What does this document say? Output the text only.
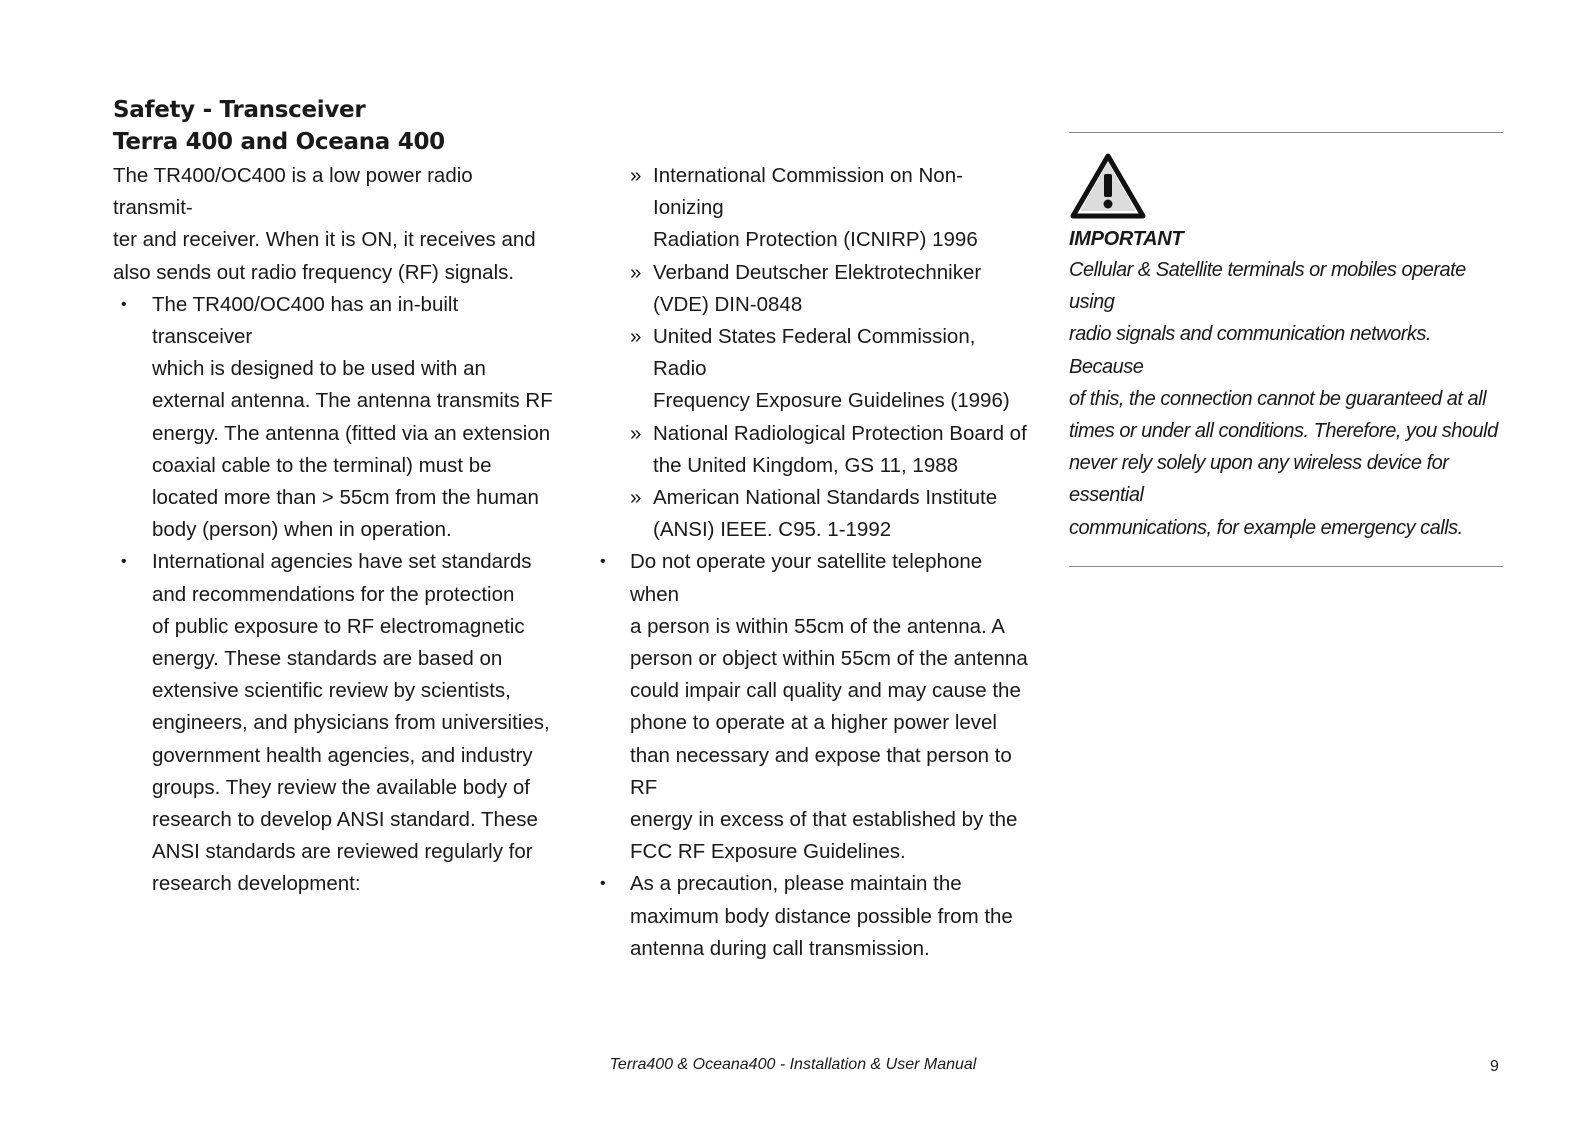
Safety - Transceiver
Terra 400 and Oceana 400

The TR400/OC400 is a low power radio transmit-
ter and receiver. When it is ON, it receives and
also sends out radio frequency (RF) signals.

• The TR400/OC400 has an in-built transceiver
which is designed to be used with an
external antenna. The antenna transmits RF
energy. The antenna (fitted via an extension
coaxial cable to the terminal) must be
located more than > 55cm from the human
body (person) when in operation.
• International agencies have set standards
and recommendations for the protection
of public exposure to RF electromagnetic
energy. These standards are based on
extensive scientific review by scientists,
engineers, and physicians from universities,
government health agencies, and industry
groups. They review the available body of
research to develop ANSI standard. These
ANSI standards are reviewed regularly for
research development:
» International Commission on Non-Ionizing
Radiation Protection (ICNIRP) 1996
» Verband Deutscher Elektrotechniker
(VDE) DIN-0848
» United States Federal Commission, Radio
Frequency Exposure Guidelines (1996)
» National Radiological Protection Board of
the United Kingdom, GS 11, 1988
» American National Standards Institute
(ANSI) IEEE. C95. 1-1992
• Do not operate your satellite telephone when
a person is within 55cm of the antenna. A
person or object within 55cm of the antenna
could impair call quality and may cause the
phone to operate at a higher power level
than necessary and expose that person to RF
energy in excess of that established by the
FCC RF Exposure Guidelines.
• As a precaution, please maintain the
maximum body distance possible from the
antenna during call transmission.
IMPORTANT
Cellular & Satellite terminals or mobiles operate using
radio signals and communication networks. Because
of this, the connection cannot be guaranteed at all
times or under all conditions. Therefore, you should
never rely solely upon any wireless device for essential
communications, for example emergency calls.
Terra400 & Oceana400 - Installation & User Manual	9
